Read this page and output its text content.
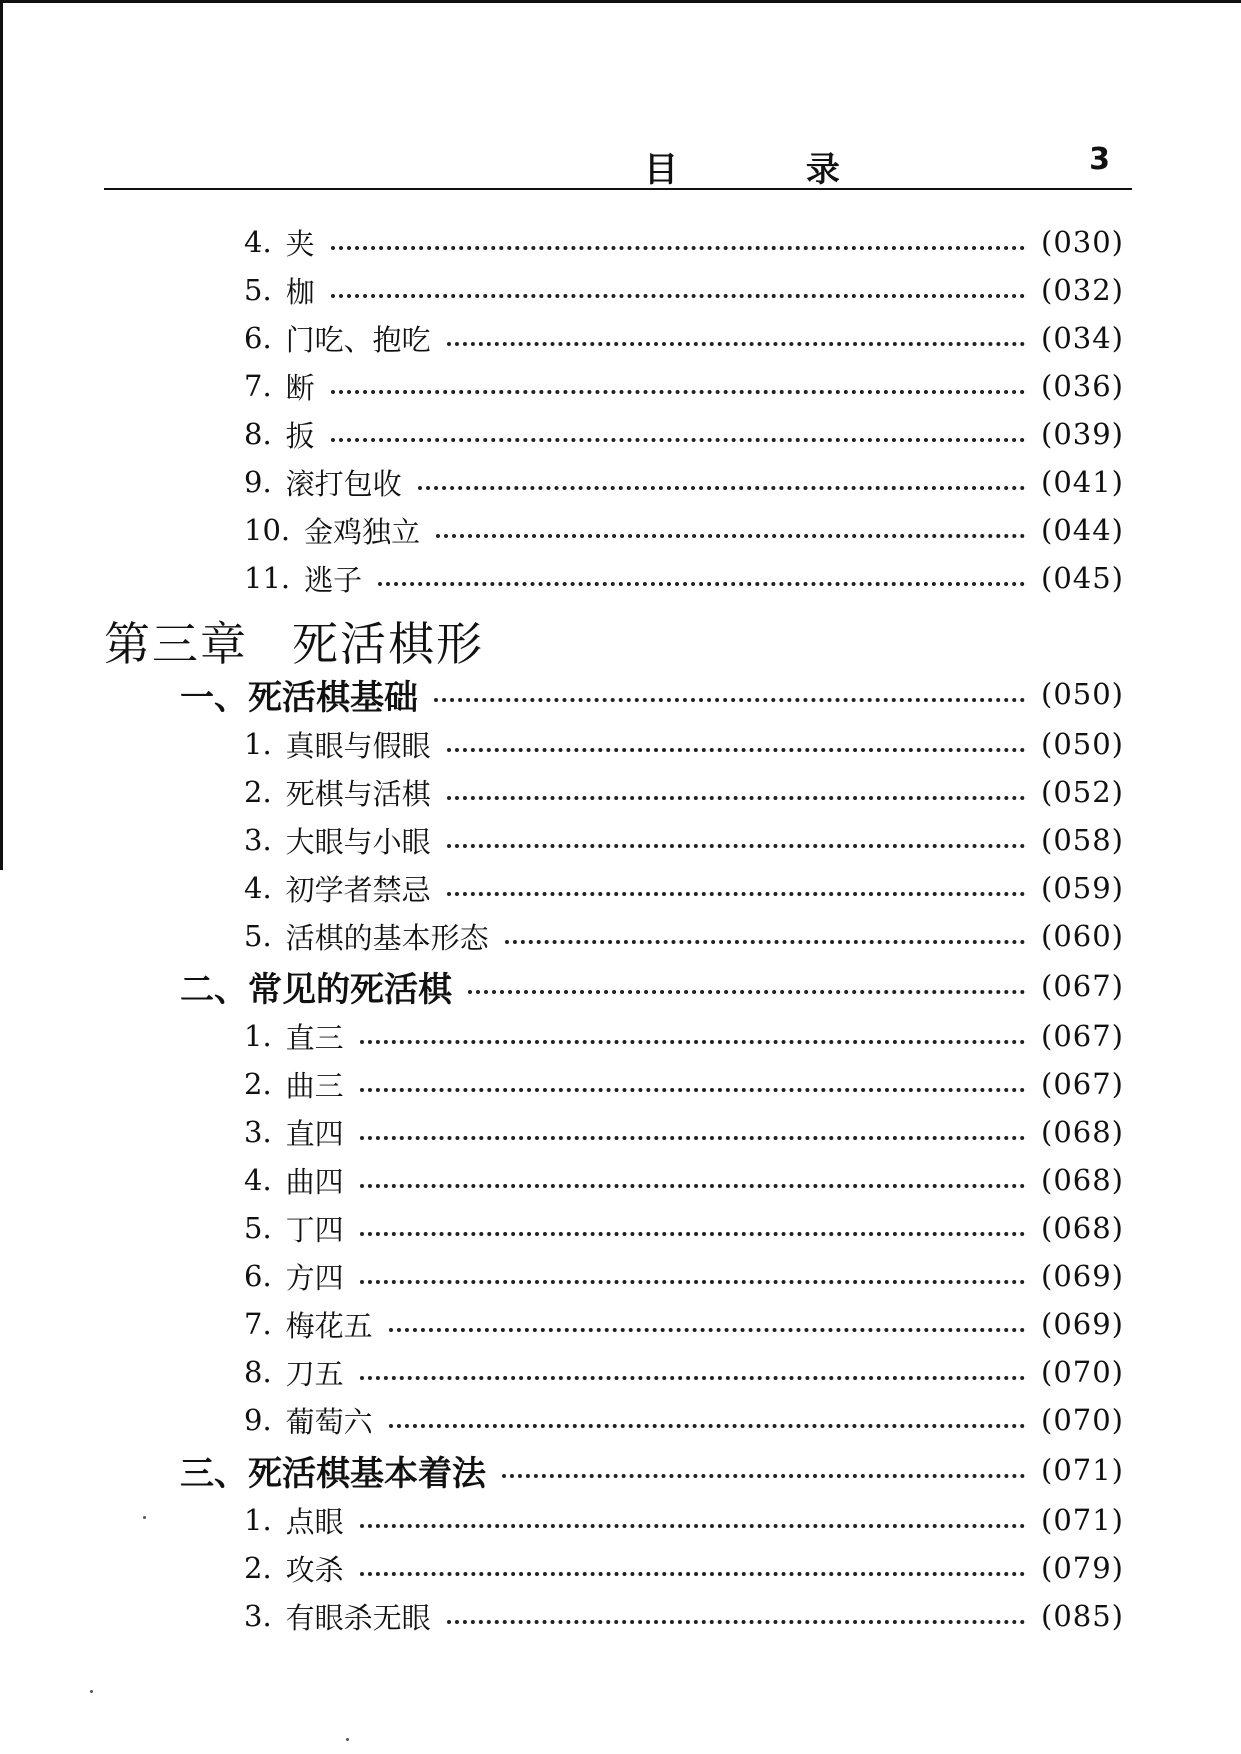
目 录	3
4. 夹	(030)
5. 枷	(032)
6. 门吃、抱吃	(034)
7. 断	(036)
8. 扳	(039)
9. 滚打包收	(041)
10. 金鸡独立	(044)
11. 逃子	(045)
第三章 死活棋形
一、死活棋基础	(050)
1. 真眼与假眼	(050)
2. 死棋与活棋	(052)
3. 大眼与小眼	(058)
4. 初学者禁忌	(059)
5. 活棋的基本形态	(060)
二、常见的死活棋	(067)
1. 直三	(067)
2. 曲三	(067)
3. 直四	(068)
4. 曲四	(068)
5. 丁四	(068)
6. 方四	(069)
7. 梅花五	(069)
8. 刀五	(070)
9. 葡萄六	(070)
三、死活棋基本着法	(071)
1. 点眼	(071)
2. 攻杀	(079)
3. 有眼杀无眼	(085)
